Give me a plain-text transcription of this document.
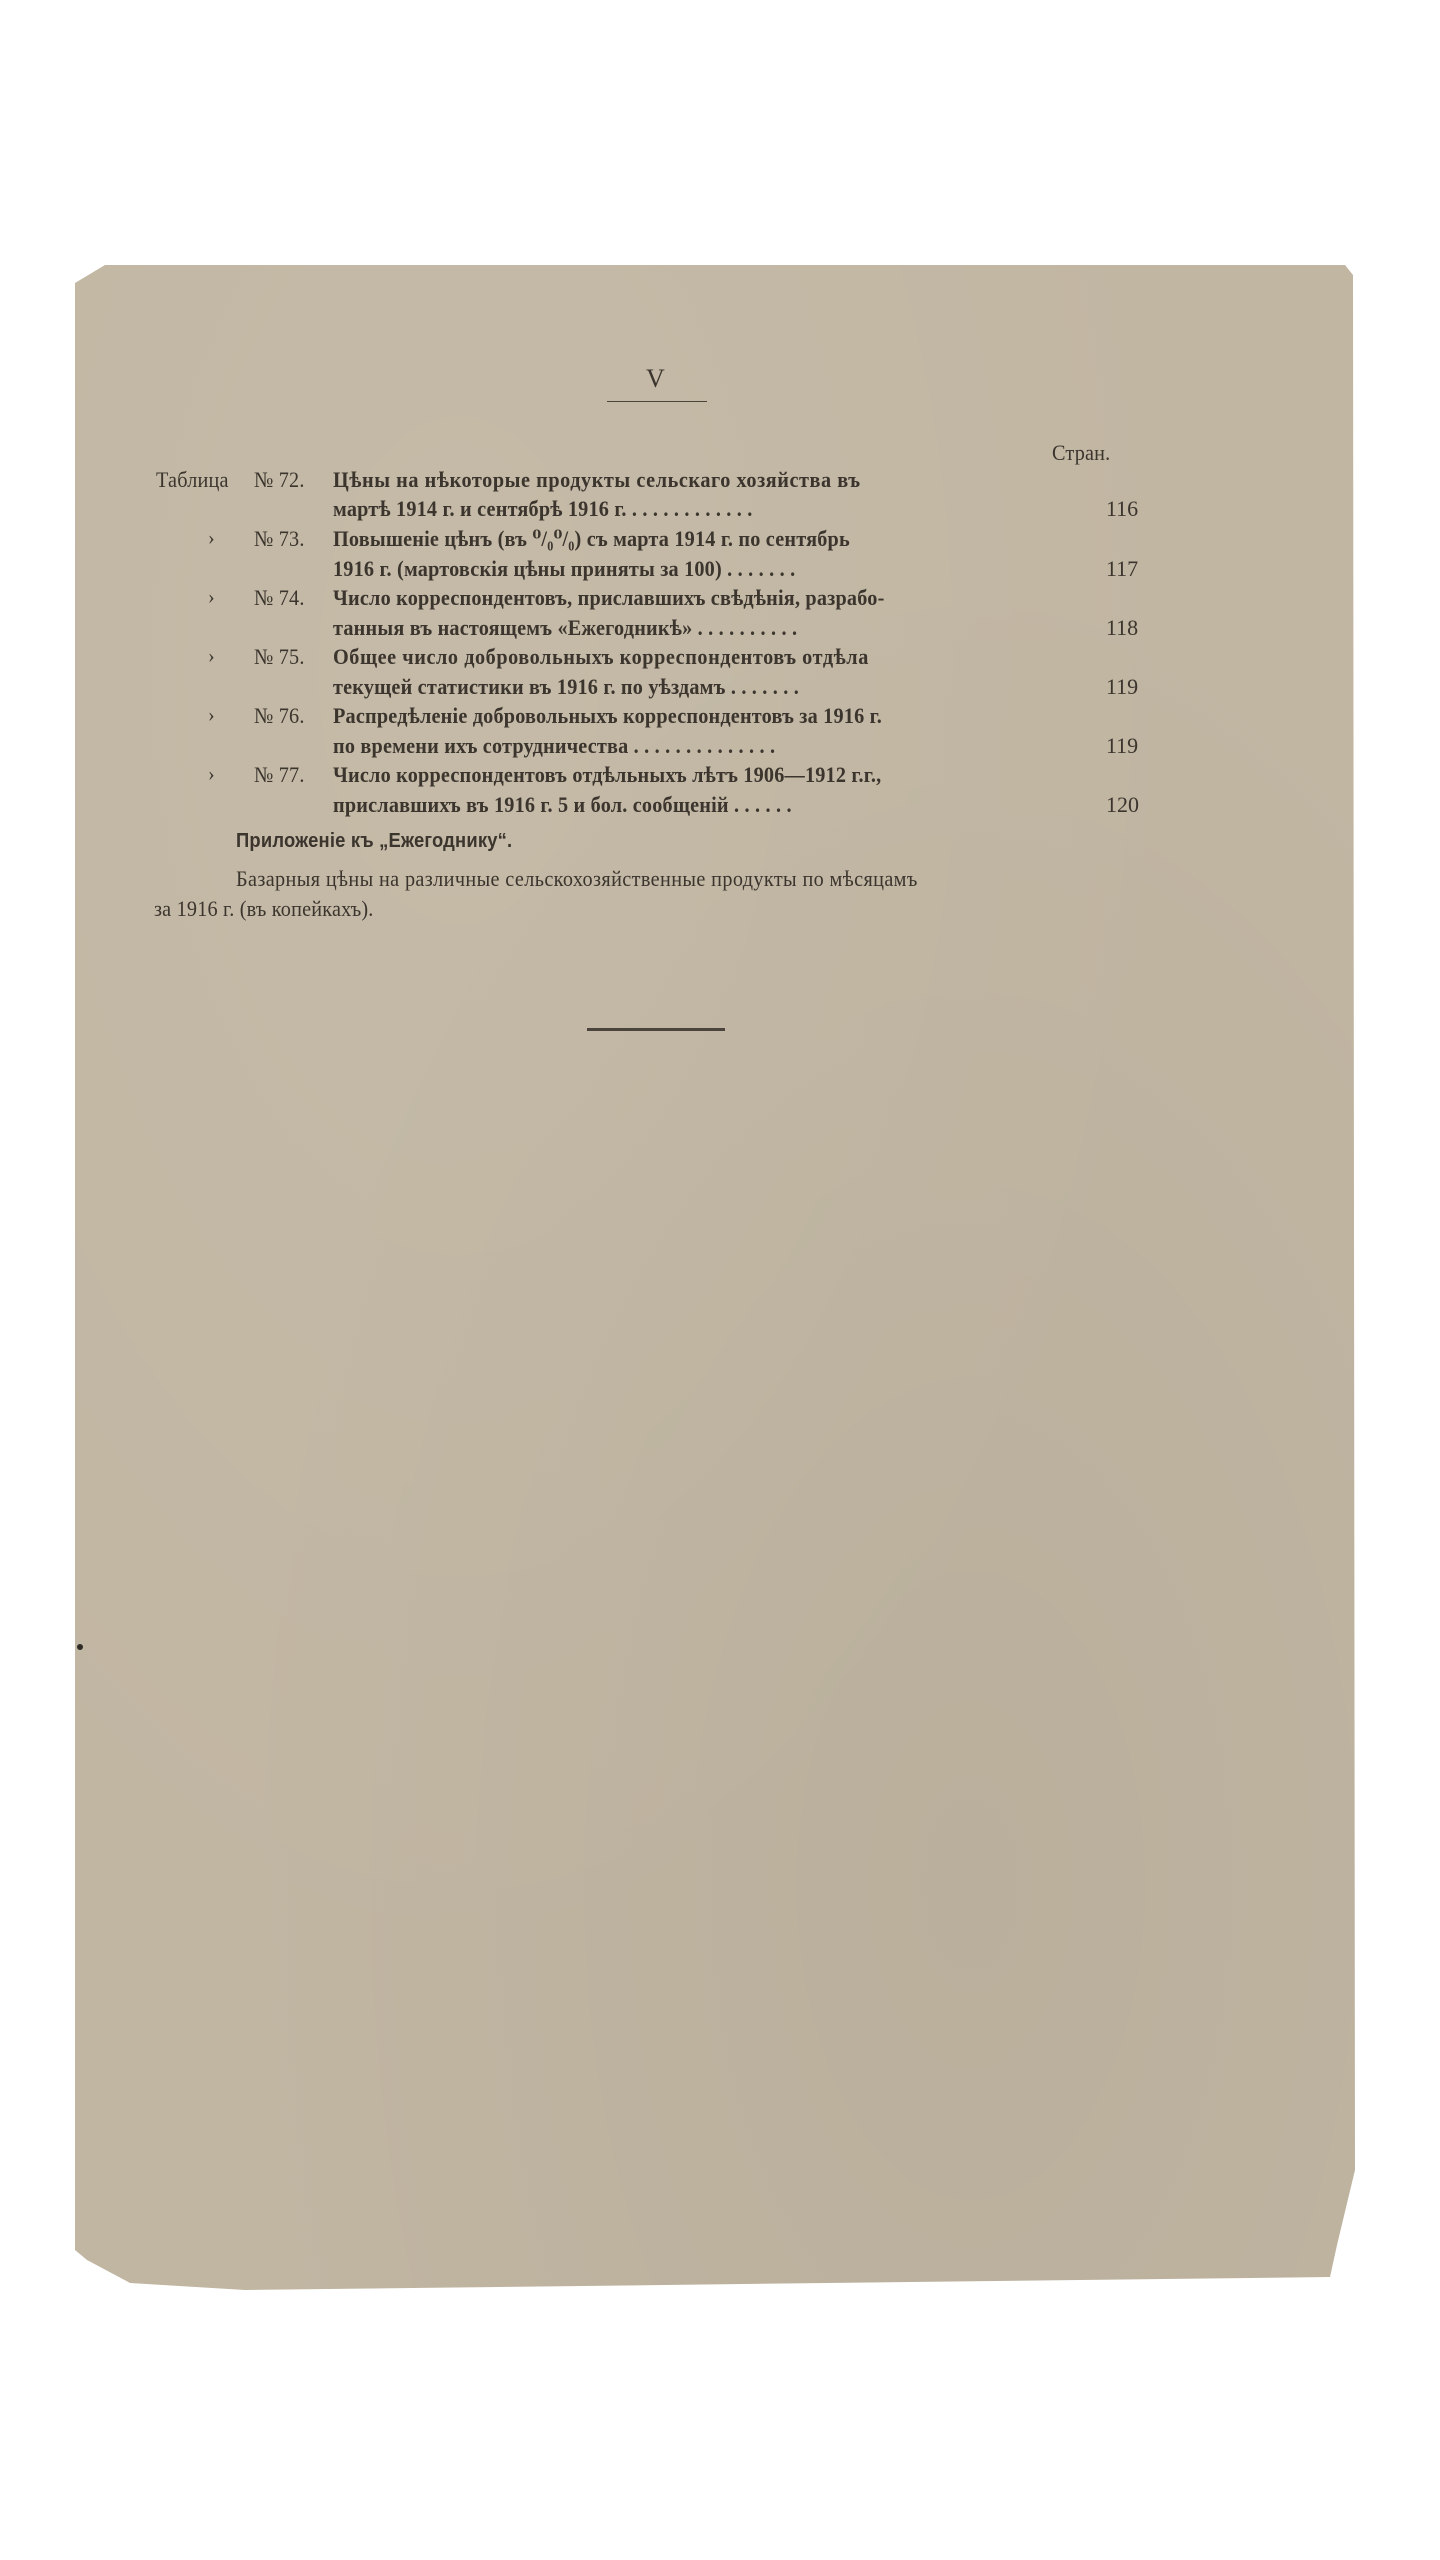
V
Стран.
Таблица № 72. Цѣны на нѣкоторые продукты сельскаго хозяйства въ
мартѣ 1914 г. и сентябрѣ 1916 г. . . . . . . . . . . . .	116
› № 73. Повышеніе цѣнъ (въ ⁰/₀⁰/₀) съ марта 1914 г. по сентябрь
1916 г. (мартовскія цѣны приняты за 100) . . . . . . .	117
› № 74. Число корреспондентовъ, приславшихъ свѣдѣнія, разрабо-
танныя въ настоящемъ «Ежегодникѣ» . . . . . . . . . .	118
› № 75. Общее число добровольныхъ корреспондентовъ отдѣла
текущей статистики въ 1916 г. по уѣздамъ . . . . . . .	119
› № 76. Распредѣленіе добровольныхъ корреспондентовъ за 1916 г.
по времени ихъ сотрудничества . . . . . . . . . . . . . .	119
› № 77. Число корреспондентовъ отдѣльныхъ лѣтъ 1906—1912 г.г.,
приславшихъ въ 1916 г. 5 и бол. сообщеній . . . . . .	120
Приложеніе къ „Ежегоднику“.
Базарныя цѣны на различные сельскохозяйственные продукты по мѣсяцамъ
за 1916 г. (въ копейкахъ).
